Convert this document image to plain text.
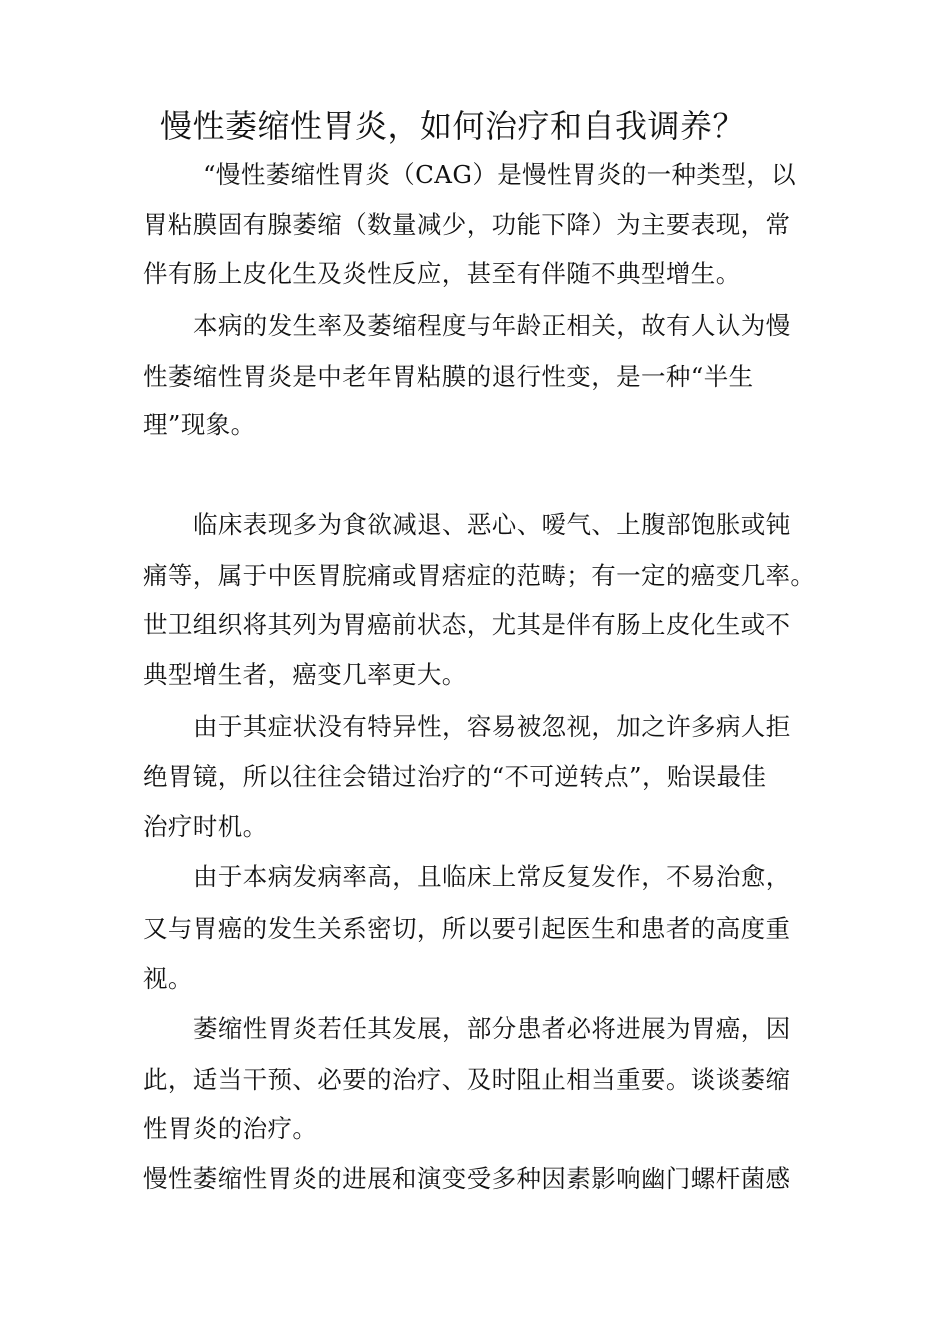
慢性萎缩性胃炎，如何治疗和自我调养？
“慢性萎缩性胃炎（CAG）是慢性胃炎的一种类型，以
胃粘膜固有腺萎缩（数量减少，功能下降）为主要表现，常
伴有肠上皮化生及炎性反应，甚至有伴随不典型增生。
本病的发生率及萎缩程度与年龄正相关，故有人认为慢
性萎缩性胃炎是中老年胃粘膜的退行性变，是一种“半生
理”现象。
临床表现多为食欲减退、恶心、嗳气、上腹部饱胀或钝
痛等，属于中医胃脘痛或胃痞症的范畴；有一定的癌变几率。
世卫组织将其列为胃癌前状态，尤其是伴有肠上皮化生或不
典型增生者，癌变几率更大。
由于其症状没有特异性，容易被忽视，加之许多病人拒
绝胃镜，所以往往会错过治疗的“不可逆转点”，贻误最佳
治疗时机。
由于本病发病率高，且临床上常反复发作，不易治愈，
又与胃癌的发生关系密切，所以要引起医生和患者的高度重
视。
萎缩性胃炎若任其发展，部分患者必将进展为胃癌，因
此，适当干预、必要的治疗、及时阻止相当重要。谈谈萎缩
性胃炎的治疗。
慢性萎缩性胃炎的进展和演变受多种因素影响幽门螺杆菌感
